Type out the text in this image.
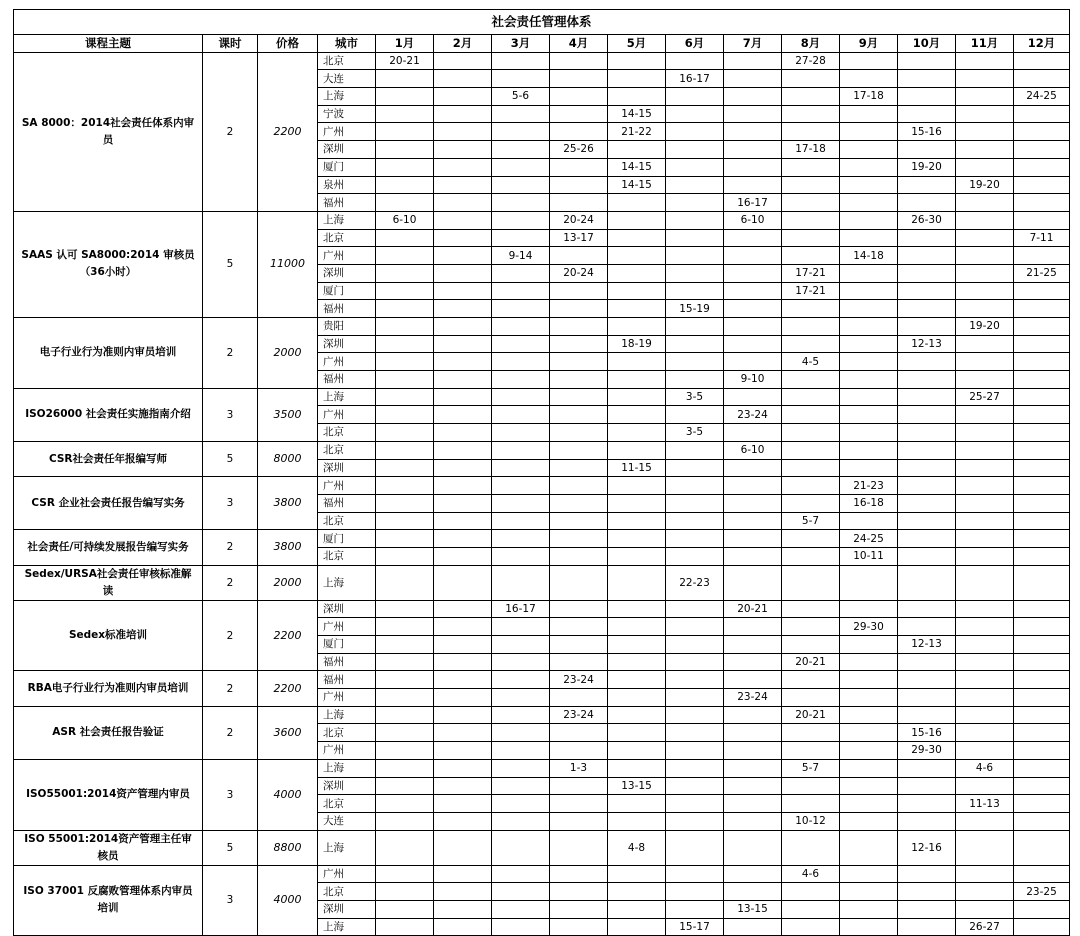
社会责任管理体系															
课程主题	课时	价格	城市	1月	2月	3月	4月	5月	6月	7月	8月	9月	10月	11月	12月
SA 8000：2014社会责任体系内审员	2	2200	北京	20-21							27-28				
			大连						16-17						
			上海			5-6						17-18			24-25
			宁波					14-15							
			广州					21-22					15-16		
			深圳				25-26				17-18				
			厦门					14-15					19-20		
			泉州					14-15						19-20	
			福州							16-17					
SAAS 认可 SA8000:2014 审核员（36小时）	5	11000	上海	6-10			20-24			6-10			26-30		
			北京				13-17								7-11
			广州			9-14						14-18			
			深圳				20-24				17-21				21-25
			厦门								17-21				
			福州						15-19						
电子行业行为准则内审员培训	2	2000	贵阳											19-20	
			深圳					18-19					12-13		
			广州								4-5				
			福州							9-10					
ISO26000 社会责任实施指南介绍	3	3500	上海						3-5					25-27	
			广州							23-24					
			北京						3-5						
CSR社会责任年报编写师	5	8000	北京							6-10					
			深圳					11-15							
CSR 企业社会责任报告编写实务	3	3800	广州									21-23			
			福州									16-18			
			北京								5-7				
社会责任/可持续发展报告编写实务	2	3800	厦门									24-25			
			北京									10-11			
Sedex/URSA社会责任审核标准解读	2	2000	上海						22-23						
Sedex标准培训	2	2200	深圳			16-17				20-21					
			广州									29-30			
			厦门										12-13		
			福州								20-21				
RBA电子行业行为准则内审员培训	2	2200	福州				23-24								
			广州							23-24					
ASR 社会责任报告验证	2	3600	上海				23-24				20-21				
			北京										15-16		
			广州										29-30		
ISO55001:2014资产管理内审员	3	4000	上海				1-3				5-7			4-6	
			深圳					13-15							
			北京											11-13	
			大连								10-12				
ISO 55001:2014资产管理主任审核员	5	8800	上海					4-8					12-16		
ISO 37001 反腐败管理体系内审员培训	3	4000	广州								4-6				
			北京												23-25
			深圳							13-15					
			上海						15-17					26-27	
